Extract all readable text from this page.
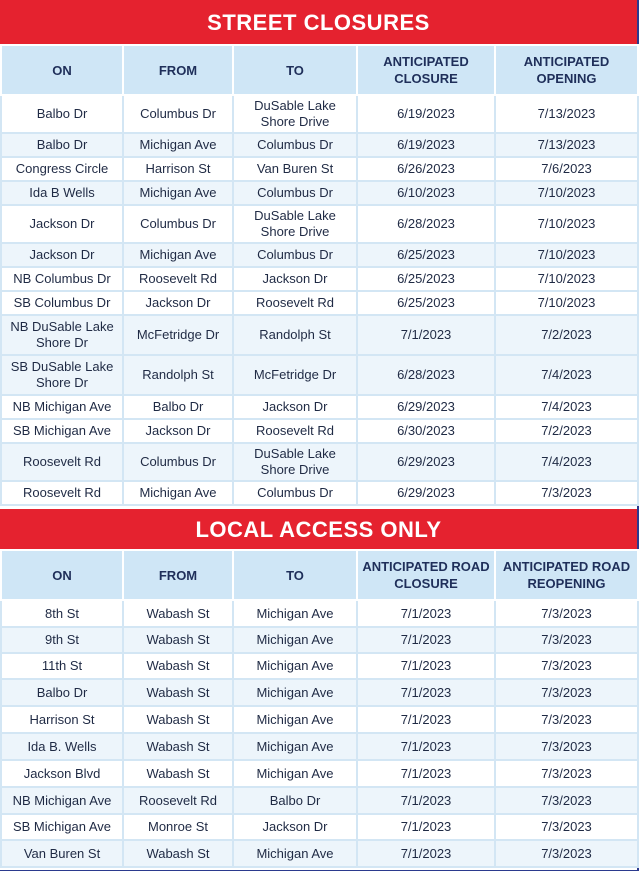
STREET CLOSURES
ON	FROM	TO	ANTICIPATED CLOSURE	ANTICIPATED OPENING
Balbo Dr	Columbus Dr	DuSable Lake Shore Drive	6/19/2023	7/13/2023
Balbo Dr	Michigan Ave	Columbus Dr	6/19/2023	7/13/2023
Congress Circle	Harrison St	Van Buren St	6/26/2023	7/6/2023
Ida B Wells	Michigan Ave	Columbus Dr	6/10/2023	7/10/2023
Jackson Dr	Columbus Dr	DuSable Lake Shore Drive	6/28/2023	7/10/2023
Jackson Dr	Michigan Ave	Columbus Dr	6/25/2023	7/10/2023
NB Columbus Dr	Roosevelt Rd	Jackson Dr	6/25/2023	7/10/2023
SB Columbus Dr	Jackson Dr	Roosevelt Rd	6/25/2023	7/10/2023
NB DuSable Lake Shore Dr	McFetridge Dr	Randolph St	7/1/2023	7/2/2023
SB DuSable Lake Shore Dr	Randolph St	McFetridge Dr	6/28/2023	7/4/2023
NB Michigan Ave	Balbo Dr	Jackson Dr	6/29/2023	7/4/2023
SB Michigan Ave	Jackson Dr	Roosevelt Rd	6/30/2023	7/2/2023
Roosevelt Rd	Columbus Dr	DuSable Lake Shore Drive	6/29/2023	7/4/2023
Roosevelt Rd	Michigan Ave	Columbus Dr	6/29/2023	7/3/2023
LOCAL ACCESS ONLY
ON	FROM	TO	ANTICIPATED ROAD CLOSURE	ANTICIPATED ROAD REOPENING
8th St	Wabash St	Michigan Ave	7/1/2023	7/3/2023
9th St	Wabash St	Michigan Ave	7/1/2023	7/3/2023
11th St	Wabash St	Michigan Ave	7/1/2023	7/3/2023
Balbo Dr	Wabash St	Michigan Ave	7/1/2023	7/3/2023
Harrison St	Wabash St	Michigan Ave	7/1/2023	7/3/2023
Ida B. Wells	Wabash St	Michigan Ave	7/1/2023	7/3/2023
Jackson Blvd	Wabash St	Michigan Ave	7/1/2023	7/3/2023
NB Michigan Ave	Roosevelt Rd	Balbo Dr	7/1/2023	7/3/2023
SB Michigan Ave	Monroe St	Jackson Dr	7/1/2023	7/3/2023
Van Buren St	Wabash St	Michigan Ave	7/1/2023	7/3/2023
